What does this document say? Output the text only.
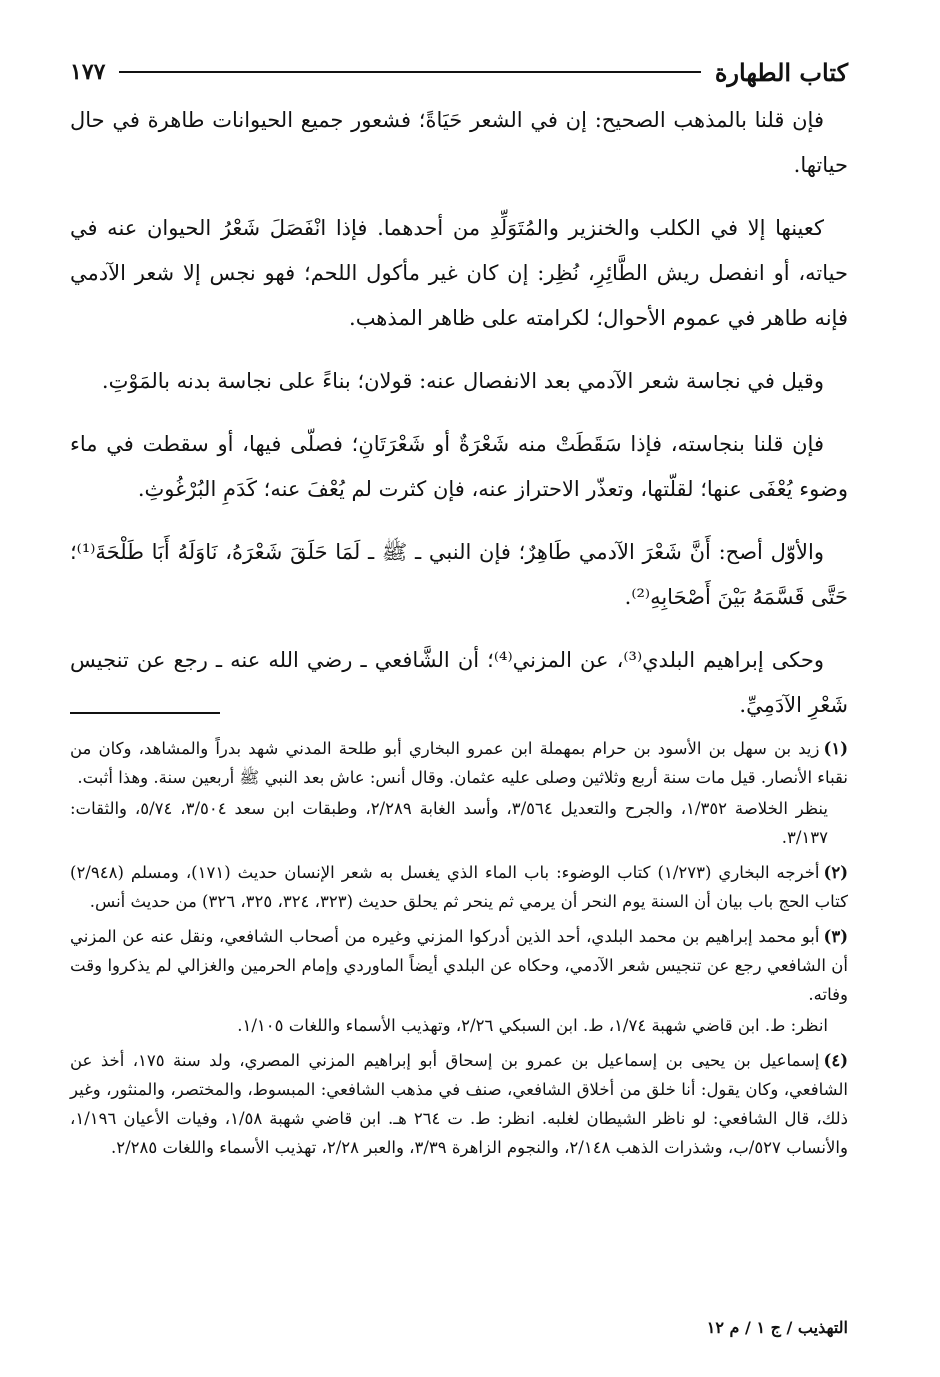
كتاب الطهارة
١٧٧

فإن قلنا بالمذهب الصحيح: إن في الشعر حَيَاةً؛ فشعور جميع الحيوانات طاهرة في حال حياتها.

كعينها إلا في الكلب والخنزير والمُتَوَلِّدِ من أحدهما. فإذا انْفَصَلَ شَعْرُ الحيوان عنه في حياته، أو انفصل ريش الطَّائِرِ، نُظِر: إن كان غير مأكول اللحم؛ فهو نجس إلا شعر الآدمي فإنه طاهر في عموم الأحوال؛ لكرامته على ظاهر المذهب.

وقيل في نجاسة شعر الآدمي بعد الانفصال عنه: قولان؛ بناءً على نجاسة بدنه بالمَوْتِ.

فإن قلنا بنجاسته، فإذا سَقَطَتْ منه شَعْرَةٌ أو شَعْرَتَانِ؛ فصلّى فيها، أو سقطت في ماء وضوء يُعْفَى عنها؛ لقلّتها، وتعذّر الاحتراز عنه، فإن كثرت لم يُعْفَ عنه؛ كَدَمِ البُرْغُوثِ.

والأوّل أصح: أَنَّ شَعْرَ الآدمي طَاهِرٌ؛ فإن النبي ـ ﷺ ـ لَمَا حَلَقَ شَعْرَهُ، نَاوَلَهُ أَبَا طَلْحَةَ⁽¹⁾؛ حَتَّى قَسَّمَهُ بَيْنَ أَصْحَابِهِ⁽²⁾.

وحكى إبراهيم البلدي⁽³⁾، عن المزني⁽⁴⁾؛ أن الشَّافعي ـ رضي الله عنه ـ رجع عن تنجيس شَعْرِ الآدَمِيِّ.

(١)زيد بن سهل بن الأسود بن حرام بمهملة ابن عمرو البخاري أبو طلحة المدني شهد بدراً والمشاهد، وكان من نقباء الأنصار. قيل مات سنة أربع وثلاثين وصلى عليه عثمان. وقال أنس: عاش بعد النبي ﷺ أربعين سنة. وهذا أثبت.
ينظر الخلاصة ١/٣٥٢، والجرح والتعديل ٣/٥٦٤، وأسد الغابة ٢/٢٨٩، وطبقات ابن سعد ٣/٥٠٤، ٥/٧٤، والثقات: ٣/١٣٧.
(٢)أخرجه البخاري (١/٢٧٣) كتاب الوضوء: باب الماء الذي يغسل به شعر الإنسان حديث (١٧١)، ومسلم (٢/٩٤٨) كتاب الحج باب بيان أن السنة يوم النحر أن يرمي ثم ينحر ثم يحلق حديث (٣٢٣، ٣٢٤، ٣٢٥، ٣٢٦) من حديث أنس.
(٣)أبو محمد إبراهيم بن محمد البلدي، أحد الذين أدركوا المزني وغيره من أصحاب الشافعي، ونقل عنه عن المزني أن الشافعي رجع عن تنجيس شعر الآدمي، وحكاه عن البلدي أيضاً الماوردي وإمام الحرمين والغزالي لم يذكروا وقت وفاته.
انظر: ط. ابن قاضي شهبة ١/٧٤، ط. ابن السبكي ٢/٢٦، وتهذيب الأسماء واللغات ١/١٠٥.
(٤)إسماعيل بن يحيى بن إسماعيل بن عمرو بن إسحاق أبو إبراهيم المزني المصري، ولد سنة ١٧٥، أخذ عن الشافعي، وكان يقول: أنا خلق من أخلاق الشافعي، صنف في مذهب الشافعي: المبسوط، والمختصر، والمنثور، وغير ذلك، قال الشافعي: لو ناظر الشيطان لغلبه. انظر: ط. ت ٢٦٤ هـ. ابن قاضي شهبة ١/٥٨، وفيات الأعيان ١/١٩٦، والأنساب ٥٢٧/ب، وشذرات الذهب ٢/١٤٨، والنجوم الزاهرة ٣/٣٩، والعبر ٢/٢٨، تهذيب الأسماء واللغات ٢/٢٨٥.
التهذيب / ج ١ / م ١٢
